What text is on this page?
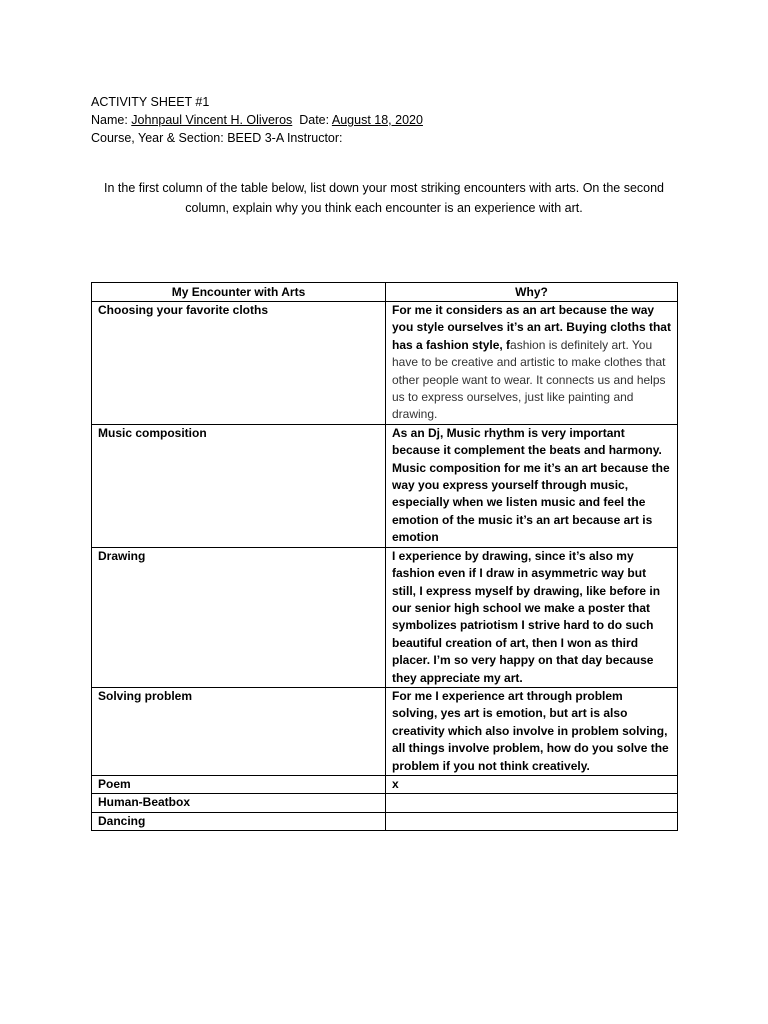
ACTIVITY SHEET #1
Name: Johnpaul Vincent H. Oliveros Date: August 18, 2020
Course, Year & Section: BEED 3-A Instructor:
In the first column of the table below, list down your most striking encounters with arts. On the second
column, explain why you think each encounter is an experience with art.
My Encounter with Arts	Why?
Choosing your favorite cloths	For me it considers as an art because the way you style ourselves it’s an art. Buying cloths that has a fashion style, fashion is definitely art. You have to be creative and artistic to make clothes that other people want to wear. It connects us and helps us to express ourselves, just like painting and drawing.
Music composition	As an Dj, Music rhythm is very important because it complement the beats and harmony. Music composition for me it’s an art because the way you express yourself through music, especially when we listen music and feel the emotion of the music it’s an art because art is emotion
Drawing	I experience by drawing, since it’s also my fashion even if I draw in asymmetric way but still, I express myself by drawing, like before in our senior high school we make a poster that symbolizes patriotism I strive hard to do such beautiful creation of art, then I won as third placer. I’m so very happy on that day because they appreciate my art.
Solving problem	For me I experience art through problem solving, yes art is emotion, but art is also creativity which also involve in problem solving, all things involve problem, how do you solve the problem if you not think creatively.
Poem	x
Human-Beatbox	
Dancing	
